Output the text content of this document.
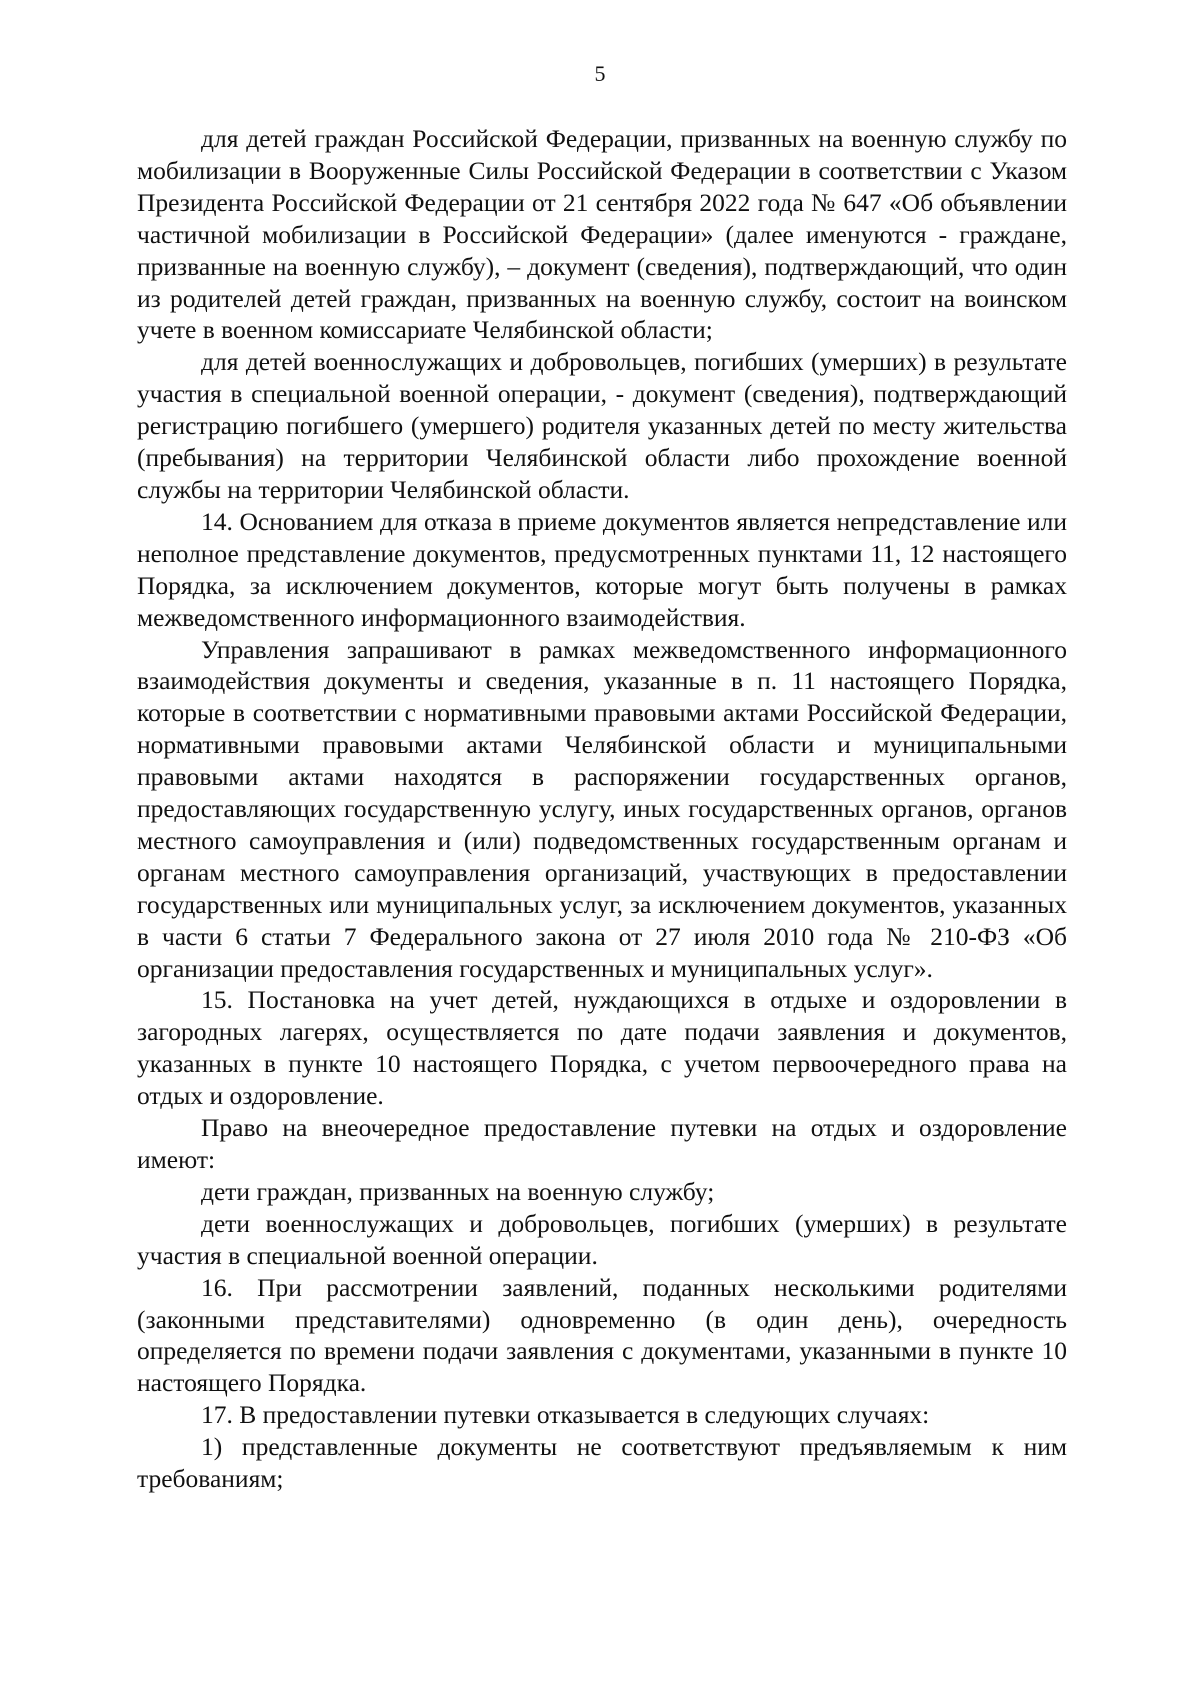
5

для детей граждан Российской Федерации, призванных на военную службу по мобилизации в Вооруженные Силы Российской Федерации в соответствии с Указом Президента Российской Федерации от 21 сентября 2022 года № 647 «Об объявлении частичной мобилизации в Российской Федерации» (далее именуются - граждане, призванные на военную службу), – документ (сведения), подтверждающий, что один из родителей детей граждан, призванных на военную службу, состоит на воинском учете в военном комиссариате Челябинской области;

для детей военнослужащих и добровольцев, погибших (умерших) в результате участия в специальной военной операции, - документ (сведения), подтверждающий регистрацию погибшего (умершего) родителя указанных детей по месту жительства (пребывания) на территории Челябинской области либо прохождение военной службы на территории Челябинской области.

14. Основанием для отказа в приеме документов является непредставление или неполное представление документов, предусмотренных пунктами 11, 12 настоящего Порядка, за исключением документов, которые могут быть получены в рамках межведомственного информационного взаимодействия.

Управления запрашивают в рамках межведомственного информационного взаимодействия документы и сведения, указанные в п. 11 настоящего Порядка, которые в соответствии с нормативными правовыми актами Российской Федерации, нормативными правовыми актами Челябинской области и муниципальными правовыми актами находятся в распоряжении государственных органов, предоставляющих государственную услугу, иных государственных органов, органов местного самоуправления и (или) подведомственных государственным органам и органам местного самоуправления организаций, участвующих в предоставлении государственных или муниципальных услуг, за исключением документов, указанных в части 6 статьи 7 Федерального закона от 27 июля 2010 года № 210-ФЗ «Об организации предоставления государственных и муниципальных услуг».

15. Постановка на учет детей, нуждающихся в отдыхе и оздоровлении в загородных лагерях, осуществляется по дате подачи заявления и документов, указанных в пункте 10 настоящего Порядка, с учетом первоочередного права на отдых и оздоровление.

Право на внеочередное предоставление путевки на отдых и оздоровление имеют:

дети граждан, призванных на военную службу;

дети военнослужащих и добровольцев, погибших (умерших) в результате участия в специальной военной операции.

16. При рассмотрении заявлений, поданных несколькими родителями (законными представителями) одновременно (в один день), очередность определяется по времени подачи заявления с документами, указанными в пункте 10 настоящего Порядка.

17. В предоставлении путевки отказывается в следующих случаях:

1) представленные документы не соответствуют предъявляемым к ним требованиям;
